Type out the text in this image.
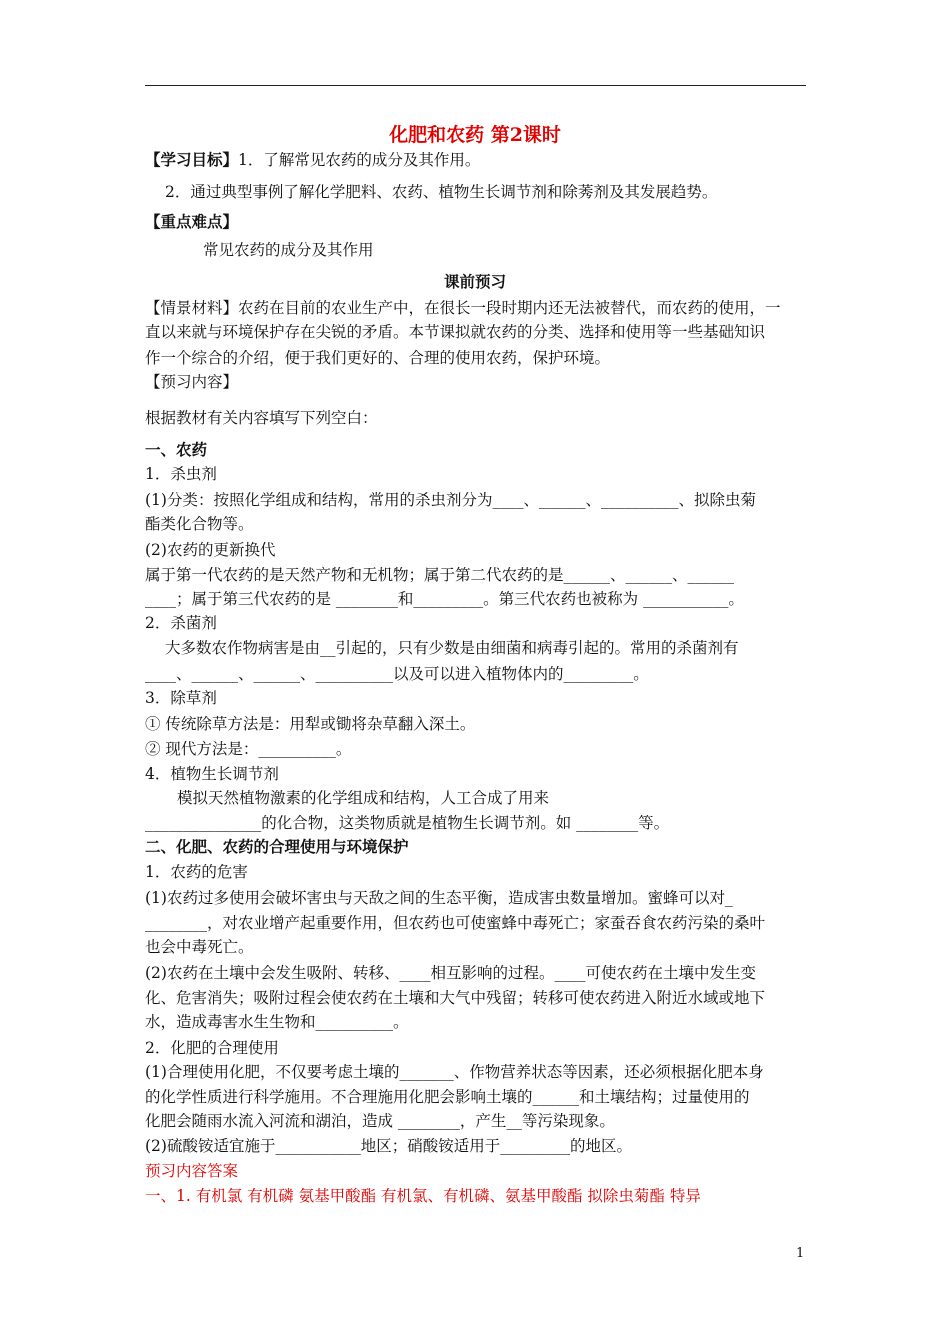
化肥和农药 第2课时
【学习目标】1．了解常见农药的成分及其作用。
2．通过典型事例了解化学肥料、农药、植物生长调节剂和除莠剂及其发展趋势。
【重点难点】
常见农药的成分及其作用
课前预习
【情景材料】农药在目前的农业生产中，在很长一段时期内还无法被替代，而农药的使用，一
直以来就与环境保护存在尖锐的矛盾。本节课拟就农药的分类、选择和使用等一些基础知识
作一个综合的介绍，便于我们更好的、合理的使用农药，保护环境。
【预习内容】
根据教材有关内容填写下列空白：
一、农药
1．杀虫剂
(1)分类：按照化学组成和结构，常用的杀虫剂分为____、______、__________、拟除虫菊
酯类化合物等。
(2)农药的更新换代
属于第一代农药的是天然产物和无机物；属于第二代农药的是______、______、______
____；属于第三代农药的是 ________和_________。第三代农药也被称为 ___________。
2．杀菌剂
大多数农作物病害是由__引起的，只有少数是由细菌和病毒引起的。常用的杀菌剂有
____、______、______、__________以及可以进入植物体内的_________。
3．除草剂
① 传统除草方法是：用犁或锄将杂草翻入深土。
② 现代方法是：__________。
4．植物生长调节剂
模拟天然植物激素的化学组成和结构，人工合成了用来
_______________的化合物，这类物质就是植物生长调节剂。如 ________等。
二、化肥、农药的合理使用与环境保护
1．农药的危害
(1)农药过多使用会破坏害虫与天敌之间的生态平衡，造成害虫数量增加。蜜蜂可以对_
________，对农业增产起重要作用，但农药也可使蜜蜂中毒死亡；家蚕吞食农药污染的桑叶
也会中毒死亡。
(2)农药在土壤中会发生吸附、转移、____相互影响的过程。____可使农药在土壤中发生变
化、危害消失；吸附过程会使农药在土壤和大气中残留；转移可使农药进入附近水域或地下
水，造成毒害水生生物和__________。
2．化肥的合理使用
(1)合理使用化肥，不仅要考虑土壤的_______、作物营养状态等因素，还必须根据化肥本身
的化学性质进行科学施用。不合理施用化肥会影响土壤的______和土壤结构；过量使用的
化肥会随雨水流入河流和湖泊，造成 ________，产生__等污染现象。
(2)硫酸铵适宜施于___________地区；硝酸铵适用于_________的地区。
预习内容答案
一、1. 有机氯 有机磷 氨基甲酸酯 有机氯、有机磷、氨基甲酸酯 拟除虫菊酯 特异
1
